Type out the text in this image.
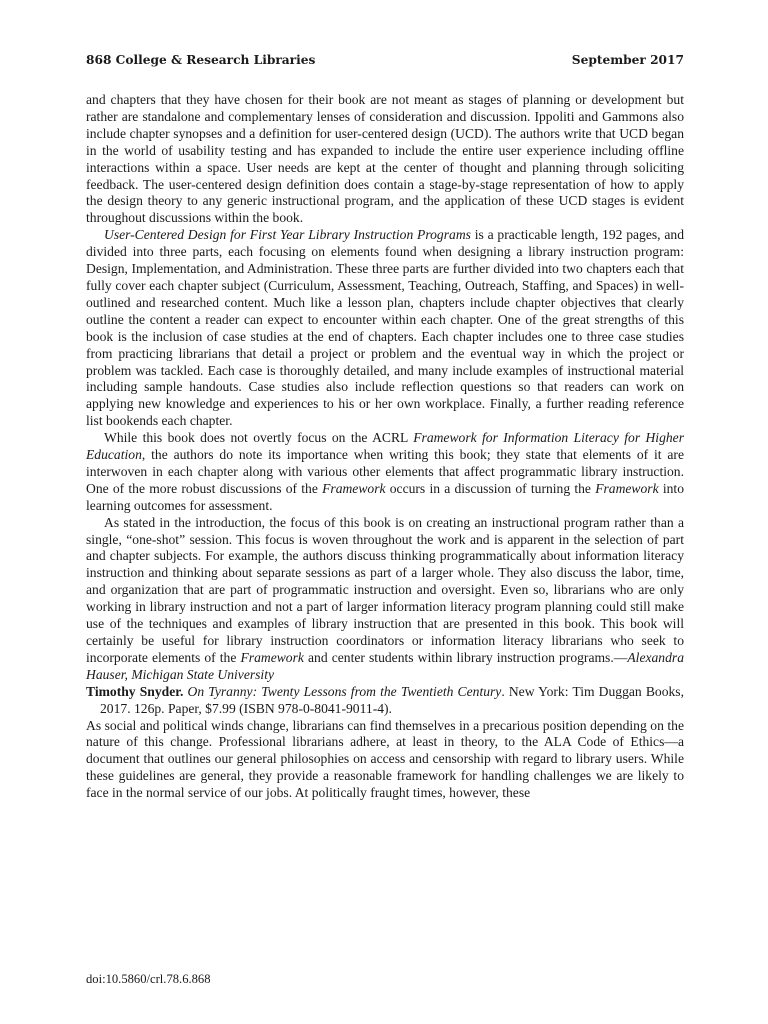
868 College & Research Libraries	September 2017

and chapters that they have chosen for their book are not meant as stages of planning or development but rather are standalone and complementary lenses of consideration and discussion. Ippoliti and Gammons also include chapter synopses and a definition for user-centered design (UCD). The authors write that UCD began in the world of usability testing and has expanded to include the entire user experience including offline interactions within a space. User needs are kept at the center of thought and planning through soliciting feedback. The user-centered design definition does contain a stage-by-stage representation of how to apply the design theory to any generic instructional program, and the application of these UCD stages is evident throughout discussions within the book.

User-Centered Design for First Year Library Instruction Programs is a practicable length, 192 pages, and divided into three parts, each focusing on elements found when designing a library instruction program: Design, Implementation, and Administration. These three parts are further divided into two chapters each that fully cover each chapter subject (Curriculum, Assessment, Teaching, Outreach, Staffing, and Spaces) in well-outlined and researched content. Much like a lesson plan, chapters include chapter objectives that clearly outline the content a reader can expect to encounter within each chapter. One of the great strengths of this book is the inclusion of case studies at the end of chapters. Each chapter includes one to three case studies from practicing librarians that detail a project or problem and the eventual way in which the project or problem was tackled. Each case is thoroughly detailed, and many include examples of instructional material including sample handouts. Case studies also include reflection questions so that readers can work on applying new knowledge and experiences to his or her own workplace. Finally, a further reading reference list bookends each chapter.

While this book does not overtly focus on the ACRL Framework for Information Literacy for Higher Education, the authors do note its importance when writing this book; they state that elements of it are interwoven in each chapter along with various other elements that affect programmatic library instruction. One of the more robust discussions of the Framework occurs in a discussion of turning the Framework into learning outcomes for assessment.

As stated in the introduction, the focus of this book is on creating an instructional program rather than a single, “one-shot” session. This focus is woven throughout the work and is apparent in the selection of part and chapter subjects. For example, the authors discuss thinking programmatically about information literacy instruction and thinking about separate sessions as part of a larger whole. They also discuss the labor, time, and organization that are part of programmatic instruction and oversight. Even so, librarians who are only working in library instruction and not a part of larger information literacy program planning could still make use of the techniques and examples of library instruction that are presented in this book. This book will certainly be useful for library instruction coordinators or information literacy librarians who seek to incorporate elements of the Framework and center students within library instruction programs.—Alexandra Hauser, Michigan State University

Timothy Snyder. On Tyranny: Twenty Lessons from the Twentieth Century. New York: Tim Duggan Books, 2017. 126p. Paper, $7.99 (ISBN 978-0-8041-9011-4).

As social and political winds change, librarians can find themselves in a precarious position depending on the nature of this change. Professional librarians adhere, at least in theory, to the ALA Code of Ethics—a document that outlines our general philosophies on access and censorship with regard to library users. While these guidelines are general, they provide a reasonable framework for handling challenges we are likely to face in the normal service of our jobs. At politically fraught times, however, these

doi:10.5860/crl.78.6.868
